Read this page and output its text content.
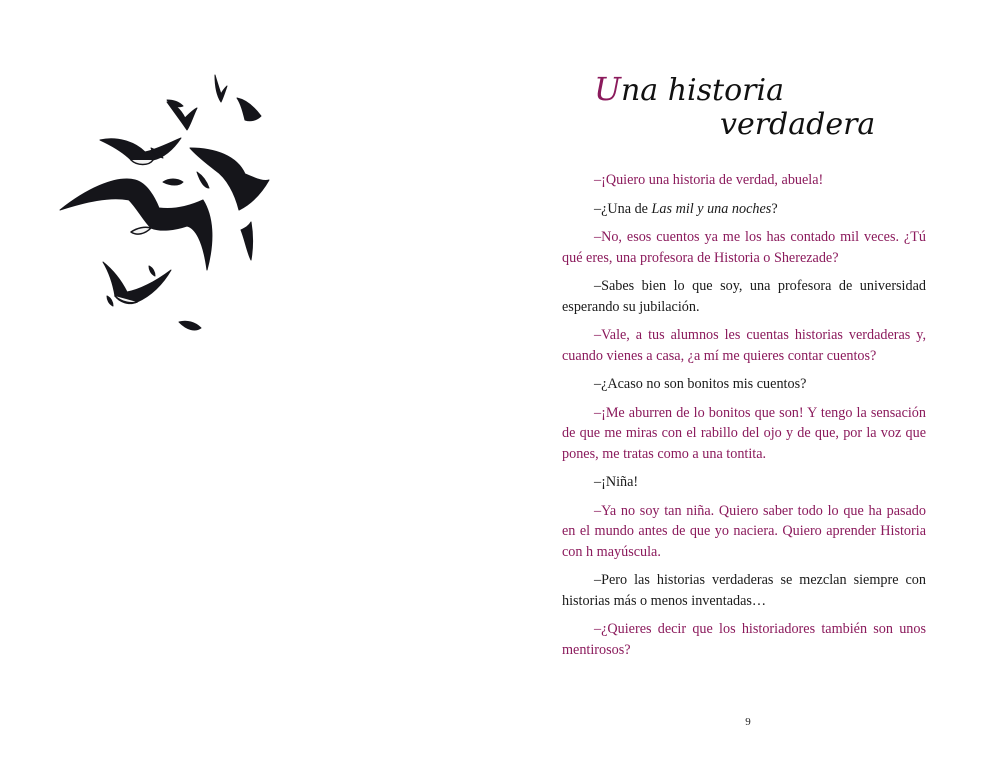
Una historia
verdadera

–¡Quiero una historia de verdad, abuela!

–¿Una de Las mil y una noches?

–No, esos cuentos ya me los has contado mil veces. ¿Tú qué eres, una profesora de Historia o Sherezade?

–Sabes bien lo que soy, una profesora de universidad esperando su jubilación.

–Vale, a tus alumnos les cuentas historias verdaderas y, cuando vienes a casa, ¿a mí me quieres contar cuentos?

–¿Acaso no son bonitos mis cuentos?

–¡Me aburren de lo bonitos que son! Y tengo la sensación de que me miras con el rabillo del ojo y de que, por la voz que pones, me tratas como a una tontita.

–¡Niña!

–Ya no soy tan niña. Quiero saber todo lo que ha pasado en el mundo antes de que yo naciera. Quiero aprender Historia con h mayúscula.

–Pero las historias verdaderas se mezclan siempre con historias más o menos inventadas…

–¿Quieres decir que los historiadores también son unos mentirosos?

9
